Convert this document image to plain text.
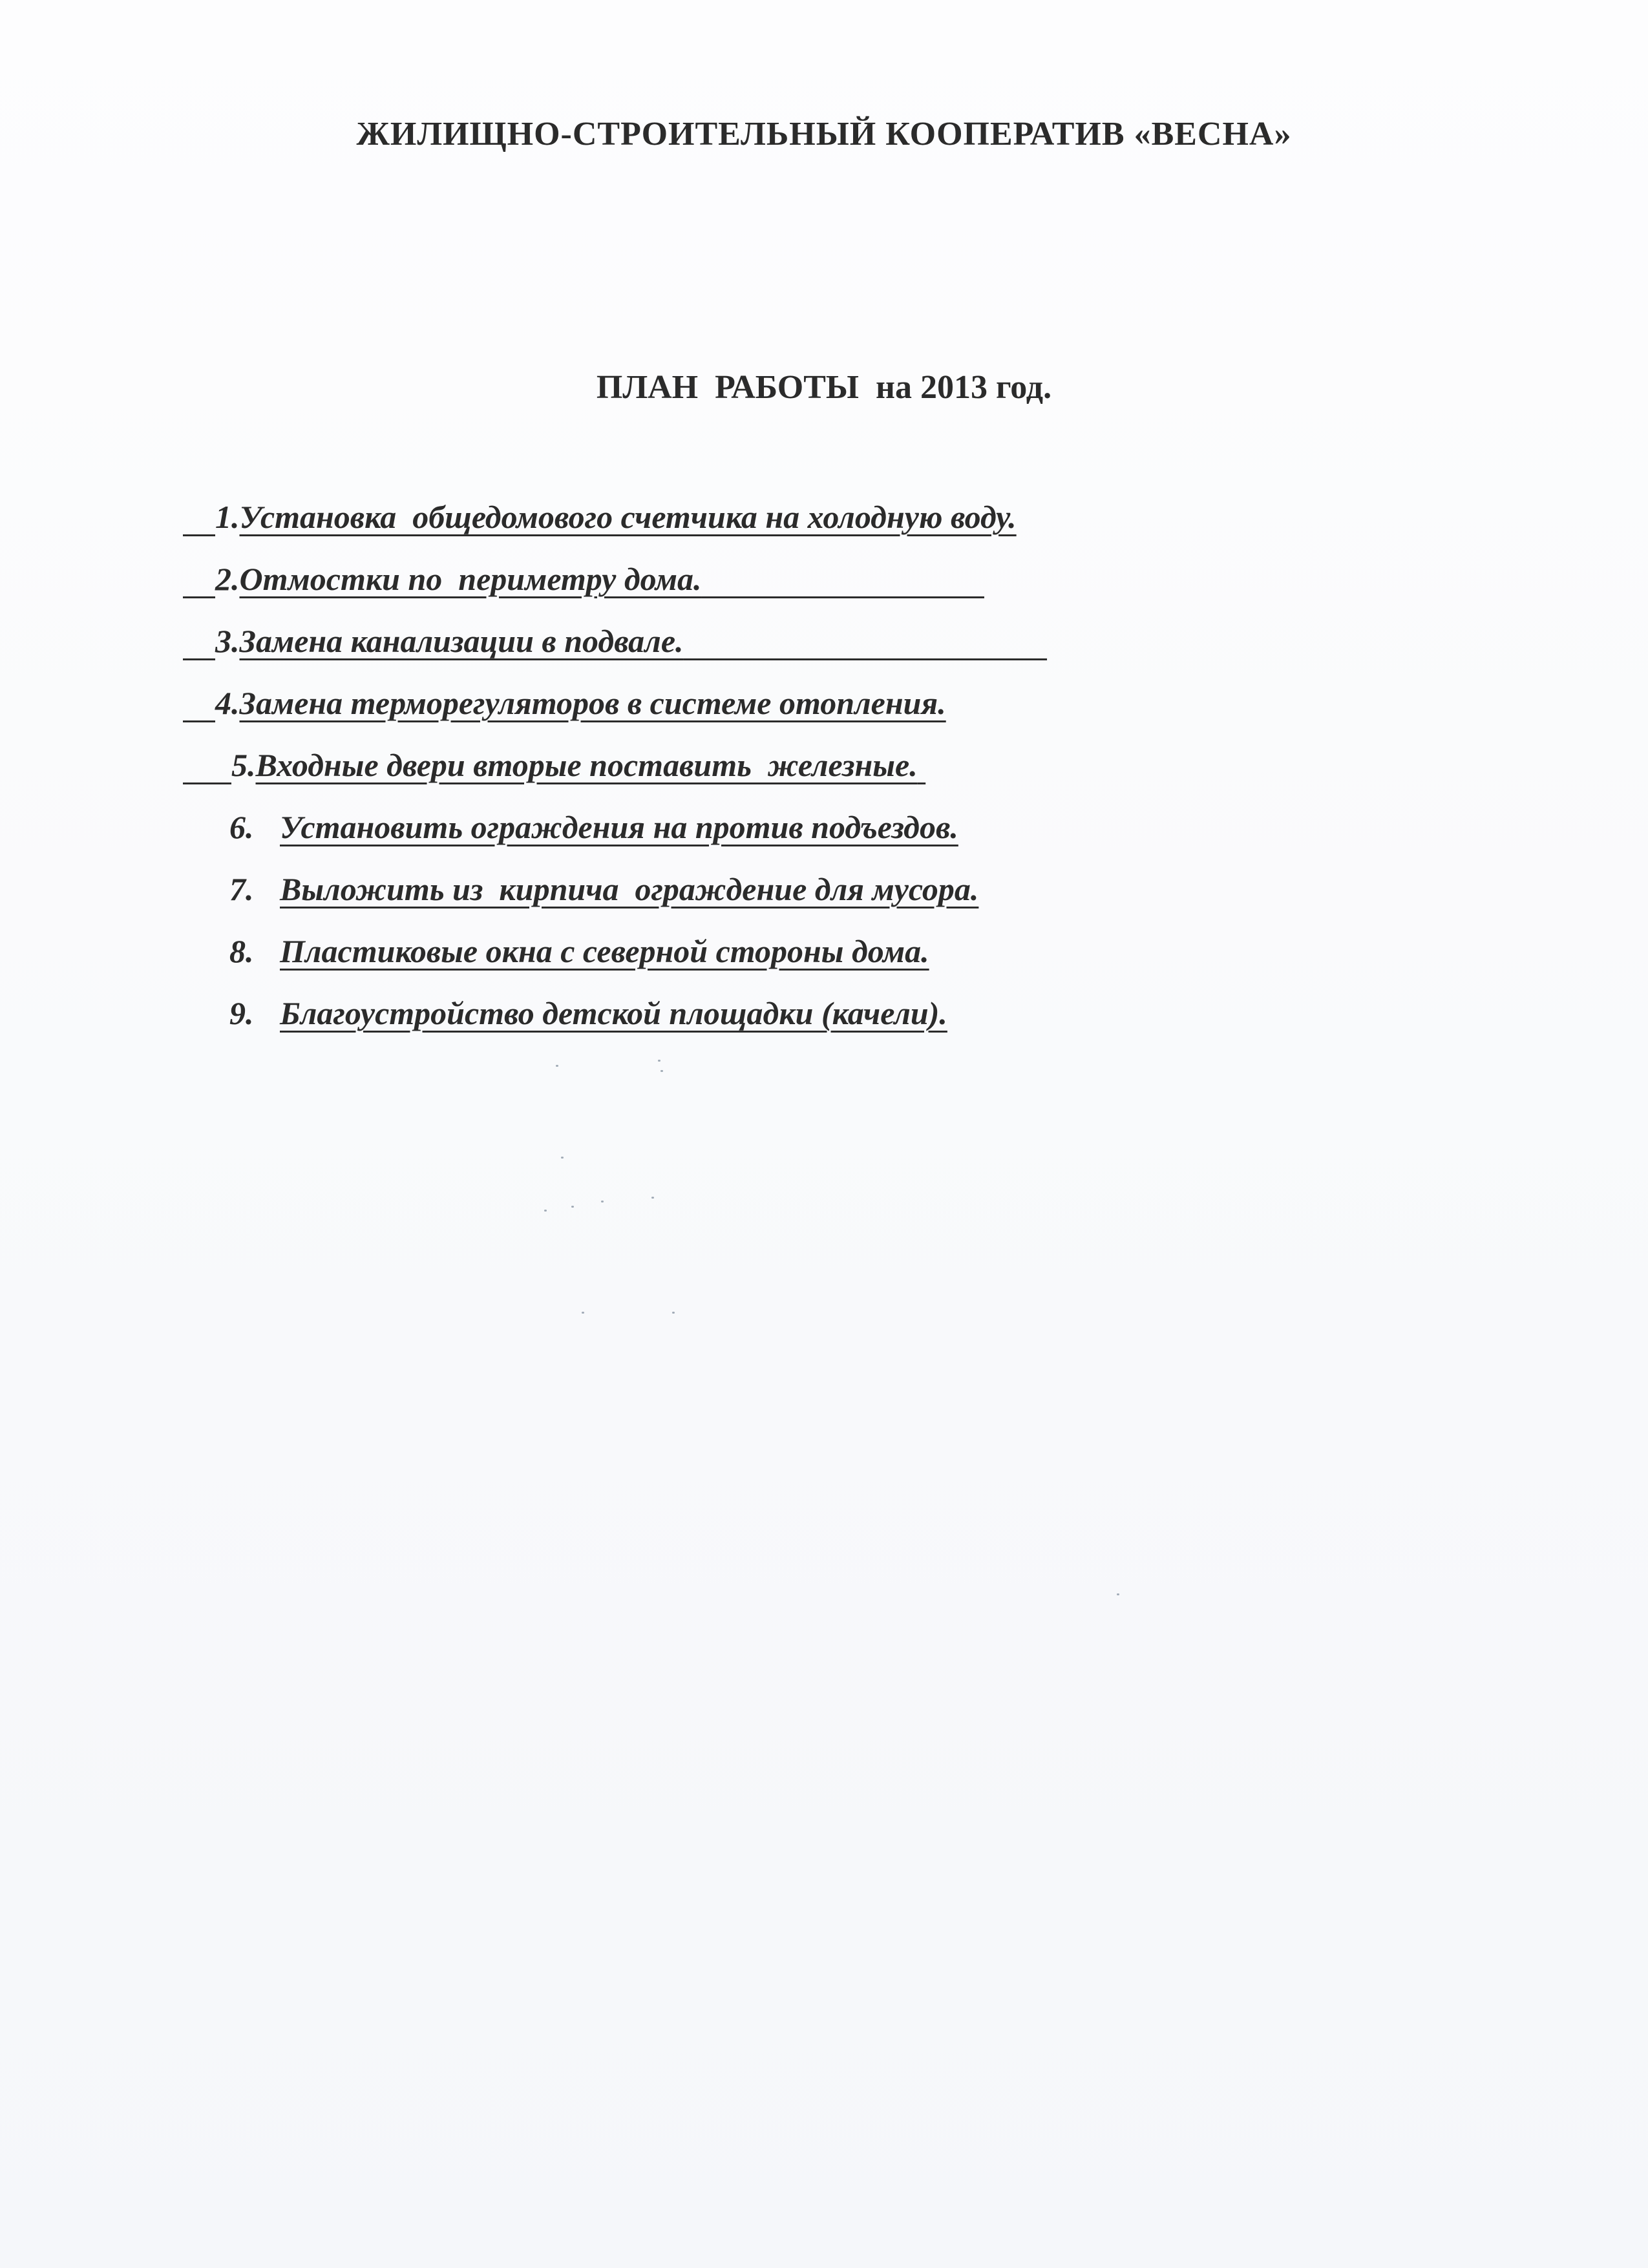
ЖИЛИЩНО-СТРОИТЕЛЬНЫЙ КООПЕРАТИВ «ВЕСНА»
ПЛАН  РАБОТЫ  на 2013 год.
1.Установка  общедомового счетчика на холодную воду.
2.Отмостки по  периметру дома.
3.Замена канализации в подвале.
4.Замена терморегуляторов в системе отопления.
5.Входные двери вторые поставить  железные.
6. Установить ограждения на против подъездов.
7. Выложить из  кирпича  ограждение для мусора.
8. Пластиковые окна с северной стороны дома.
9. Благоустройство детской площадки (качели).
